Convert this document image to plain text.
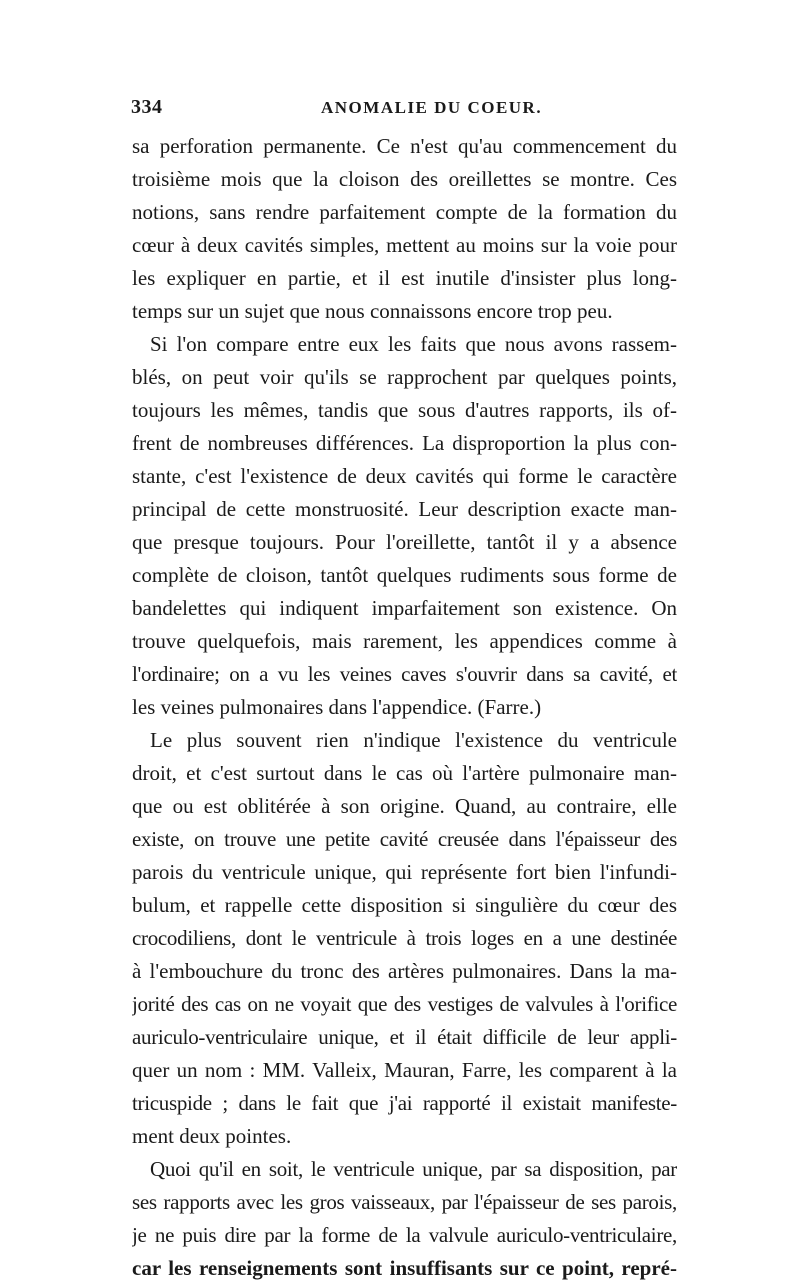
334	ANOMALIE DU COEUR.
sa perforation permanente. Ce n'est qu'au commencement du
troisième mois que la cloison des oreillettes se montre. Ces
notions, sans rendre parfaitement compte de la formation du
cœur à deux cavités simples, mettent au moins sur la voie pour
les expliquer en partie, et il est inutile d'insister plus long-
temps sur un sujet que nous connaissons encore trop peu.
Si l'on compare entre eux les faits que nous avons rassem-
blés, on peut voir qu'ils se rapprochent par quelques points,
toujours les mêmes, tandis que sous d'autres rapports, ils of-
frent de nombreuses différences. La disproportion la plus con-
stante, c'est l'existence de deux cavités qui forme le caractère
principal de cette monstruosité. Leur description exacte man-
que presque toujours. Pour l'oreillette, tantôt il y a absence
complète de cloison, tantôt quelques rudiments sous forme de
bandelettes qui indiquent imparfaitement son existence. On
trouve quelquefois, mais rarement, les appendices comme à
l'ordinaire; on a vu les veines caves s'ouvrir dans sa cavité, et
les veines pulmonaires dans l'appendice. (Farre.)
Le plus souvent rien n'indique l'existence du ventricule
droit, et c'est surtout dans le cas où l'artère pulmonaire man-
que ou est oblitérée à son origine. Quand, au contraire, elle
existe, on trouve une petite cavité creusée dans l'épaisseur des
parois du ventricule unique, qui représente fort bien l'infundi-
bulum, et rappelle cette disposition si singulière du cœur des
crocodiliens, dont le ventricule à trois loges en a une destinée
à l'embouchure du tronc des artères pulmonaires. Dans la ma-
jorité des cas on ne voyait que des vestiges de valvules à l'orifice
auriculo-ventriculaire unique, et il était difficile de leur appli-
quer un nom : MM. Valleix, Mauran, Farre, les comparent à la
tricuspide ; dans le fait que j'ai rapporté il existait manifeste-
ment deux pointes.
Quoi qu'il en soit, le ventricule unique, par sa disposition, par
ses rapports avec les gros vaisseaux, par l'épaisseur de ses parois,
je ne puis dire par la forme de la valvule auriculo-ventriculaire,
car les renseignements sont insuffisants sur ce point, repré-
